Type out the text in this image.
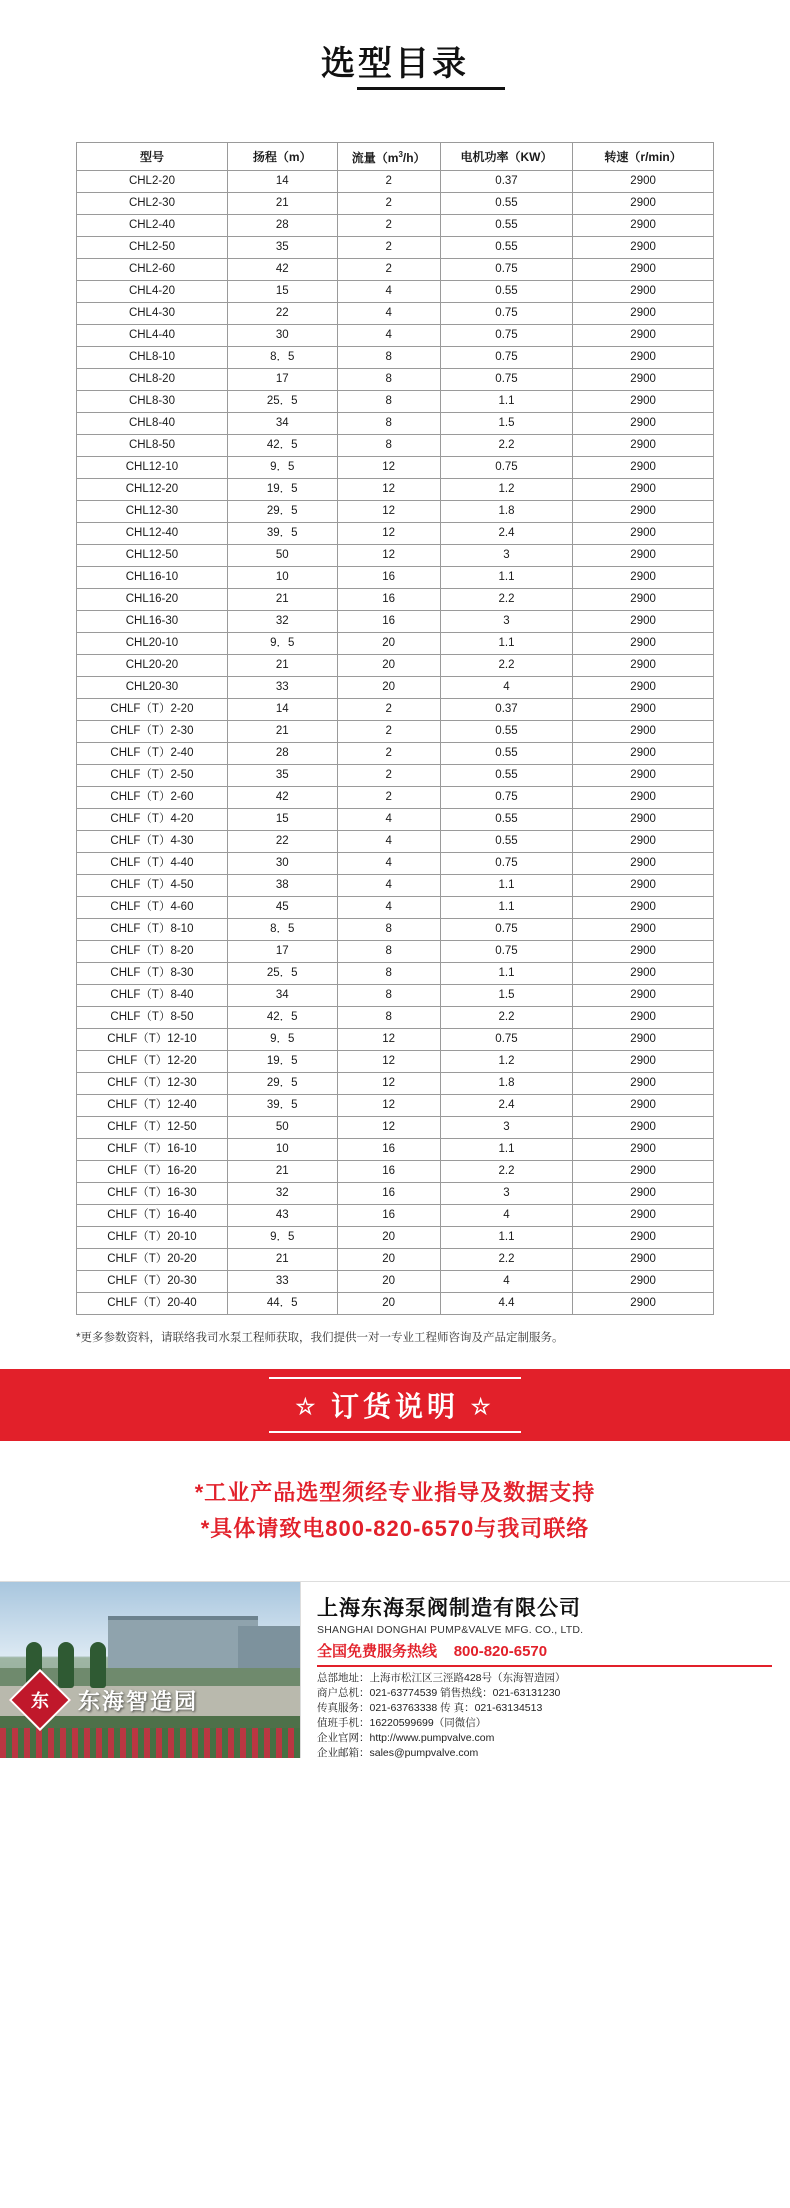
选型目录
型号	扬程（m）	流量$(m^3/h)$	电机功率（KW）	转速（r/min）
CHL2-20	14	2	0.37	2900
CHL2-30	21	2	0.55	2900
CHL2-40	28	2	0.55	2900
CHL2-50	35	2	0.55	2900
CHL2-60	42	2	0.75	2900
CHL4-20	15	4	0.55	2900
CHL4-30	22	4	0.75	2900
CHL4-40	30	4	0.75	2900
CHL8-10	8．5	8	0.75	2900
CHL8-20	17	8	0.75	2900
CHL8-30	25．5	8	1.1	2900
CHL8-40	34	8	1.5	2900
CHL8-50	42．5	8	2.2	2900
CHL12-10	9．5	12	0.75	2900
CHL12-20	19．5	12	1.2	2900
CHL12-30	29．5	12	1.8	2900
CHL12-40	39．5	12	2.4	2900
CHL12-50	50	12	3	2900
CHL16-10	10	16	1.1	2900
CHL16-20	21	16	2.2	2900
CHL16-30	32	16	3	2900
CHL20-10	9．5	20	1.1	2900
CHL20-20	21	20	2.2	2900
CHL20-30	33	20	4	2900
CHLF（T）2-20	14	2	0.37	2900
CHLF（T）2-30	21	2	0.55	2900
CHLF（T）2-40	28	2	0.55	2900
CHLF（T）2-50	35	2	0.55	2900
CHLF（T）2-60	42	2	0.75	2900
CHLF（T）4-20	15	4	0.55	2900
CHLF（T）4-30	22	4	0.55	2900
CHLF（T）4-40	30	4	0.75	2900
CHLF（T）4-50	38	4	1.1	2900
CHLF（T）4-60	45	4	1.1	2900
CHLF（T）8-10	8．5	8	0.75	2900
CHLF（T）8-20	17	8	0.75	2900
CHLF（T）8-30	25．5	8	1.1	2900
CHLF（T）8-40	34	8	1.5	2900
CHLF（T）8-50	42．5	8	2.2	2900
CHLF（T）12-10	9．5	12	0.75	2900
CHLF（T）12-20	19．5	12	1.2	2900
CHLF（T）12-30	29．5	12	1.8	2900
CHLF（T）12-40	39．5	12	2.4	2900
CHLF（T）12-50	50	12	3	2900
CHLF（T）16-10	10	16	1.1	2900
CHLF（T）16-20	21	16	2.2	2900
CHLF（T）16-30	32	16	3	2900
CHLF（T）16-40	43	16	4	2900
CHLF（T）20-10	9．5	20	1.1	2900
CHLF（T）20-20	21	20	2.2	2900
CHLF（T）20-30	33	20	4	2900
CHLF（T）20-40	44．5	20	4.4	2900
*更多参数资料，请联络我司水泵工程师获取，我们提供一对一专业工程师咨询及产品定制服务。
☆ 订货说明 ☆
*工业产品选型须经专业指导及数据支持
*具体请致电800-820-6570与我司联络
东	东海智造园
上海东海泵阀制造有限公司
SHANGHAI DONGHAI PUMP&VALVE MFG. CO., LTD.
全国免费服务热线 800-820-6570
总部地址：上海市松江区三涇路428号（东海智造园）
商户总机：021-63774539 销售热线：021-63131230
传真服务：021-63763338 传 真：021-63134513
值班手机：16220599699（同微信）
企业官网：http://www.pumpvalve.com
企业邮箱：sales@pumpvalve.com
